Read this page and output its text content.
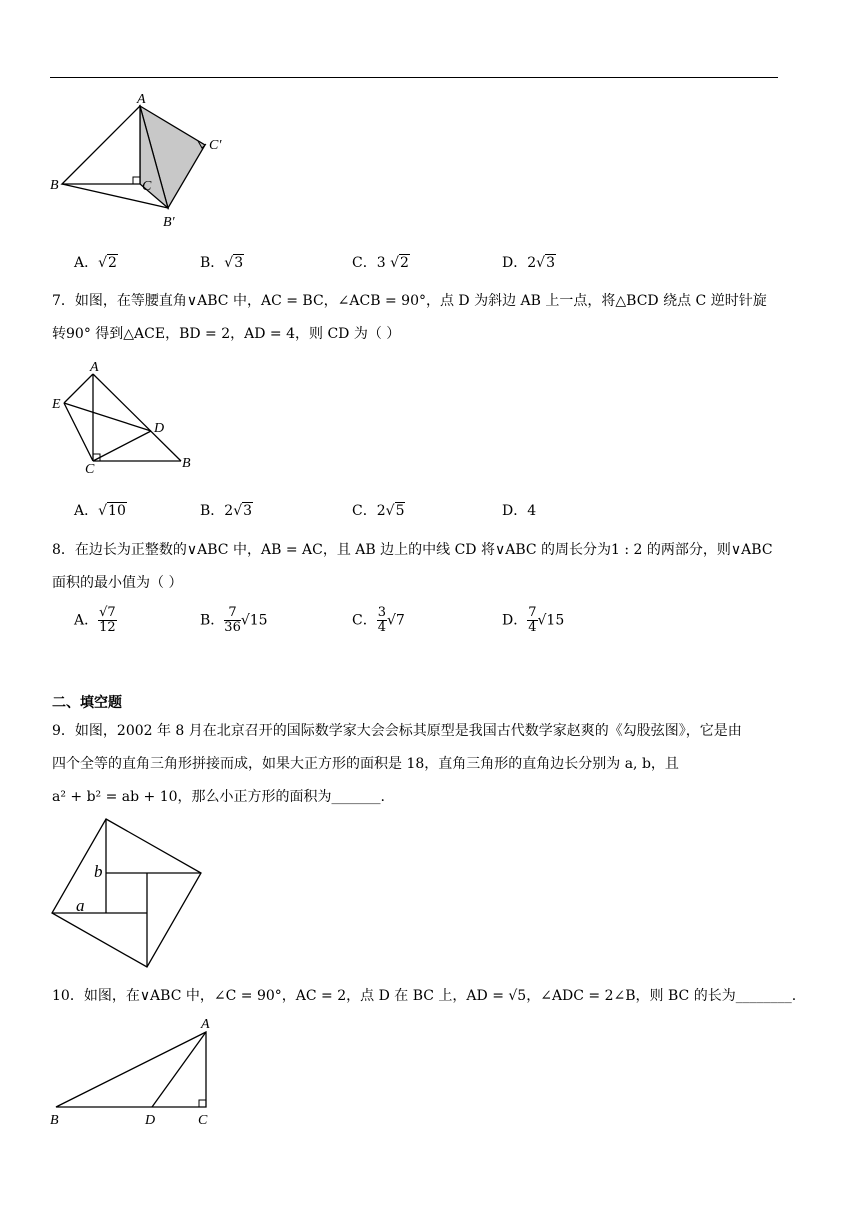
A
B	C
C′
B′
A．√2	B．√3	C．3 √2	D．2√3
7．如图，在等腰直角∨ABC 中，AC = BC，∠ACB = 90°，点 D 为斜边 AB 上一点，将△BCD 绕点 C 逆时针旋
转90° 得到△ACE，BD = 2，AD = 4，则 CD 为（ ）
A
E
D
C	B
A．√10	B．2√3	C．2√5	D．4
8．在边长为正整数的∨ABC 中，AB = AC，且 AB 边上的中线 CD 将∨ABC 的周长分为1 : 2 的两部分，则∨ABC
面积的最小值为（ ）
A． $\frac{√7}{12}$	B． $\frac{7}{36} √15$	C． $\frac{3}{4} √7$	D． $\frac{7}{4} √15$
二、填空题
9．如图，2002 年 8 月在北京召开的国际数学家大会会标其原型是我国古代数学家赵爽的《勾股弦图》，它是由
四个全等的直角三角形拼接而成，如果大正方形的面积是 18，直角三角形的直角边长分别为 a, b，且
a² + b² = ab + 10，那么小正方形的面积为_______.
b
a
10．如图，在∨ABC 中，∠C = 90°，AC = 2，点 D 在 BC 上，AD = √5，∠ADC = 2∠B，则 BC 的长为________.
A
B	D	C
